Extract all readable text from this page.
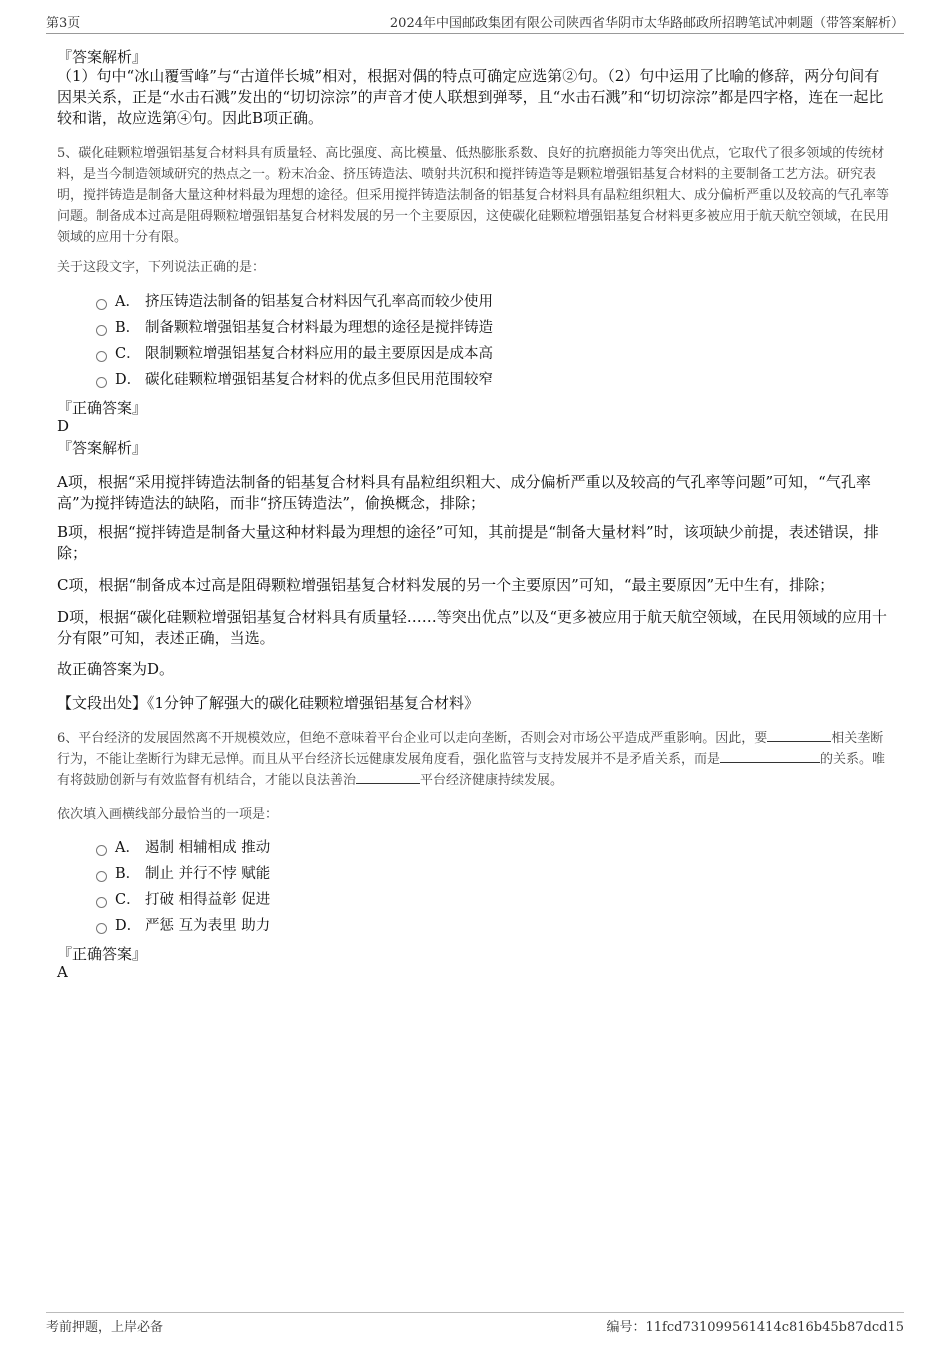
第3页	2024年中国邮政集团有限公司陕西省华阴市太华路邮政所招聘笔试冲刺题（带答案解析）
『答案解析』
（1）句中“冰山覆雪峰”与“古道伴长城”相对，根据对偶的特点可确定应选第②句。（2）句中运用了比喻的修辞，两分句间有因果关系，正是“水击石溅”发出的“切切淙淙”的声音才使人联想到弹琴，且“水击石溅”和“切切淙淙”都是四字格，连在一起比较和谐，故应选第④句。因此B项正确。
5、碳化硅颗粒增强铝基复合材料具有质量轻、高比强度、高比模量、低热膨胀系数、良好的抗磨损能力等突出优点，它取代了很多领域的传统材料，是当今制造领域研究的热点之一。粉末冶金、挤压铸造法、喷射共沉积和搅拌铸造等是颗粒增强铝基复合材料的主要制备工艺方法。研究表明，搅拌铸造是制备大量这种材料最为理想的途径。但采用搅拌铸造法制备的铝基复合材料具有晶粒组织粗大、成分偏析严重以及较高的气孔率等问题。制备成本过高是阻碍颗粒增强铝基复合材料发展的另一个主要原因，这使碳化硅颗粒增强铝基复合材料更多被应用于航天航空领域，在民用领域的应用十分有限。
关于这段文字，下列说法正确的是：
A． 挤压铸造法制备的铝基复合材料因气孔率高而较少使用
B． 制备颗粒增强铝基复合材料最为理想的途径是搅拌铸造
C． 限制颗粒增强铝基复合材料应用的最主要原因是成本高
D． 碳化硅颗粒增强铝基复合材料的优点多但民用范围较窄
『正确答案』
D
『答案解析』
A项，根据“采用搅拌铸造法制备的铝基复合材料具有晶粒组织粗大、成分偏析严重以及较高的气孔率等问题”可知，“气孔率高”为搅拌铸造法的缺陷，而非“挤压铸造法”，偷换概念，排除；
B项，根据“搅拌铸造是制备大量这种材料最为理想的途径”可知，其前提是“制备大量材料”时，该项缺少前提，表述错误，排除；
C项，根据“制备成本过高是阻碍颗粒增强铝基复合材料发展的另一个主要原因”可知，“最主要原因”无中生有，排除；
D项，根据“碳化硅颗粒增强铝基复合材料具有质量轻……等突出优点”以及“更多被应用于航天航空领域，在民用领域的应用十分有限”可知，表述正确，当选。
故正确答案为D。
【文段出处】《1分钟了解强大的碳化硅颗粒增强铝基复合材料》
6、平台经济的发展固然离不开规模效应，但绝不意味着平台企业可以走向垄断，否则会对市场公平造成严重影响。因此，要	相关垄断行为，不能让垄断行为肆无忌惮。而且从平台经济长远健康发展角度看，强化监管与支持发展并不是矛盾关系，而是	的关系。唯有将鼓励创新与有效监督有机结合，才能以良法善治	平台经济健康持续发展。
依次填入画横线部分最恰当的一项是：
A． 遏制 相辅相成 推动
B． 制止 并行不悖 赋能
C． 打破 相得益彰 促进
D． 严惩 互为表里 助力
『正确答案』
A
考前押题，上岸必备	编号：11fcd731099561414c816b45b87dcd15
